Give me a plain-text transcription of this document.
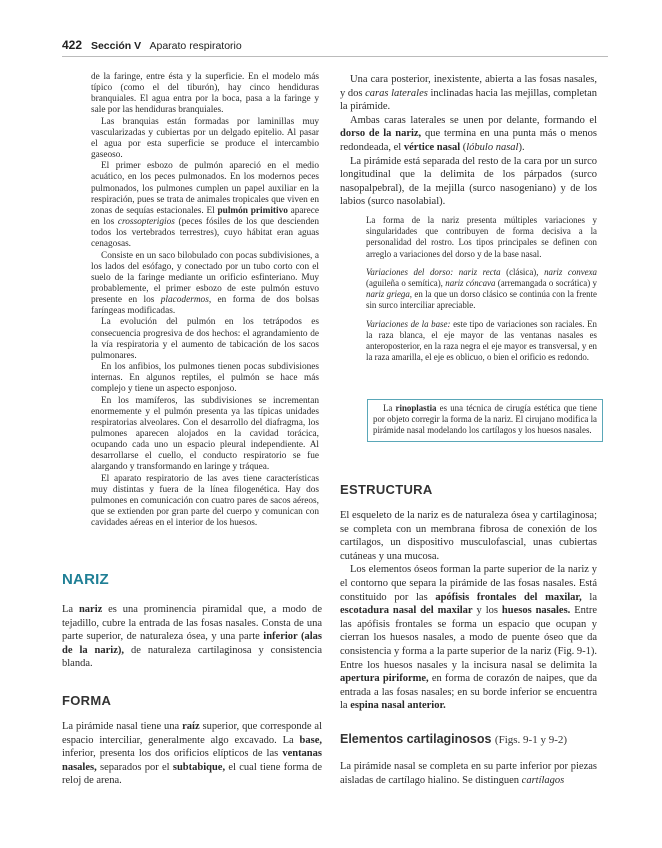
422 Sección V Aparato respiratorio

de la faringe, entre ésta y la superficie. En el modelo más típico (como el del tiburón), hay cinco hendiduras branquiales. El agua entra por la boca, pasa a la faringe y sale por las hendiduras branquiales.

Las branquias están formadas por laminillas muy vascularizadas y cubiertas por un delgado epitelio. Al pasar el agua por esta superficie se produce el intercambio gaseoso.

El primer esbozo de pulmón apareció en el medio acuático, en los peces pulmonados. En los modernos peces pulmonados, los pulmones cumplen un papel auxiliar en la respiración, pues se trata de animales tropicales que viven en zonas de sequías estacionales. El pulmón primitivo aparece en los crossopterigios (peces fósiles de los que descienden todos los vertebrados terrestres), cuyo hábitat eran aguas cenagosas.

Consiste en un saco bilobulado con pocas subdivisiones, a los lados del esófago, y conectado por un tubo corto con el suelo de la faringe mediante un orificio esfinteriano. Muy probablemente, el primer esbozo de este pulmón estuvo presente en los placodermos, en forma de dos bolsas faríngeas modificadas.

La evolución del pulmón en los tetrápodos es consecuencia progresiva de dos hechos: el agrandamiento de la vía respiratoria y el aumento de tabicación de los sacos pulmonares.

En los anfibios, los pulmones tienen pocas subdivisiones internas. En algunos reptiles, el pulmón se hace más complejo y tiene un aspecto esponjoso.

En los mamíferos, las subdivisiones se incrementan enormemente y el pulmón presenta ya las típicas unidades respiratorias alveolares. Con el desarrollo del diafragma, los pulmones aparecen alojados en la cavidad torácica, ocupando cada uno un espacio pleural independiente. Al desarrollarse el cuello, el conducto respiratorio se fue alargando y transformando en laringe y tráquea.

El aparato respiratorio de las aves tiene características muy distintas y fuera de la línea filogenética. Hay dos pulmones en comunicación con cuatro pares de sacos aéreos, que se extienden por gran parte del cuerpo y comunican con cavidades aéreas en el interior de los huesos.

NARIZ

La nariz es una prominencia piramidal que, a modo de tejadillo, cubre la entrada de las fosas nasales. Consta de una parte superior, de naturaleza ósea, y una parte inferior (alas de la nariz), de naturaleza cartilaginosa y consistencia blanda.

FORMA

La pirámide nasal tiene una raíz superior, que corresponde al espacio interciliar, generalmente algo excavado. La base, inferior, presenta los dos orificios elípticos de las ventanas nasales, separados por el subtabique, el cual tiene forma de reloj de arena.

Una cara posterior, inexistente, abierta a las fosas nasales, y dos caras laterales inclinadas hacia las mejillas, completan la pirámide.

Ambas caras laterales se unen por delante, formando el dorso de la nariz, que termina en una punta más o menos redondeada, el vértice nasal (lóbulo nasal).

La pirámide está separada del resto de la cara por un surco longitudinal que la delimita de los párpados (surco nasopalpebral), de la mejilla (surco nasogeniano) y de los labios (surco nasolabial).

La forma de la nariz presenta múltiples variaciones y singularidades que contribuyen de forma decisiva a la personalidad del rostro. Los tipos principales se definen con arreglo a variaciones del dorso y de la base nasal.

Variaciones del dorso: nariz recta (clásica), nariz convexa (aguileña o semítica), nariz cóncava (arremangada o socrática) y nariz griega, en la que un dorso clásico se continúa con la frente sin surco interciliar apreciable.

Variaciones de la base: este tipo de variaciones son raciales. En la raza blanca, el eje mayor de las ventanas nasales es anteroposterior, en la raza negra el eje mayor es transversal, y en la raza amarilla, el eje es oblicuo, o bien el orificio es redondo.

La rinoplastia es una técnica de cirugía estética que tiene por objeto corregir la forma de la nariz. El cirujano modifica la pirámide nasal modelando los cartílagos y los huesos nasales.

ESTRUCTURA

El esqueleto de la nariz es de naturaleza ósea y cartilaginosa; se completa con un membrana fibrosa de conexión de los cartílagos, un dispositivo musculofascial, unas cubiertas cutáneas y una mucosa.

Los elementos óseos forman la parte superior de la nariz y el contorno que separa la pirámide de las fosas nasales. Está constituido por las apófisis frontales del maxilar, la escotadura nasal del maxilar y los huesos nasales. Entre las apófisis frontales se forma un espacio que ocupan y cierran los huesos nasales, a modo de puente óseo que da consistencia y forma a la parte superior de la nariz (Fig. 9-1). Entre los huesos nasales y la incisura nasal se delimita la apertura piriforme, en forma de corazón de naipes, que da entrada a las fosas nasales; en su borde inferior se encuentra la espina nasal anterior.

Elementos cartilaginosos (Figs. 9-1 y 9-2)

La pirámide nasal se completa en su parte inferior por piezas aisladas de cartílago hialino. Se distinguen cartílagos
